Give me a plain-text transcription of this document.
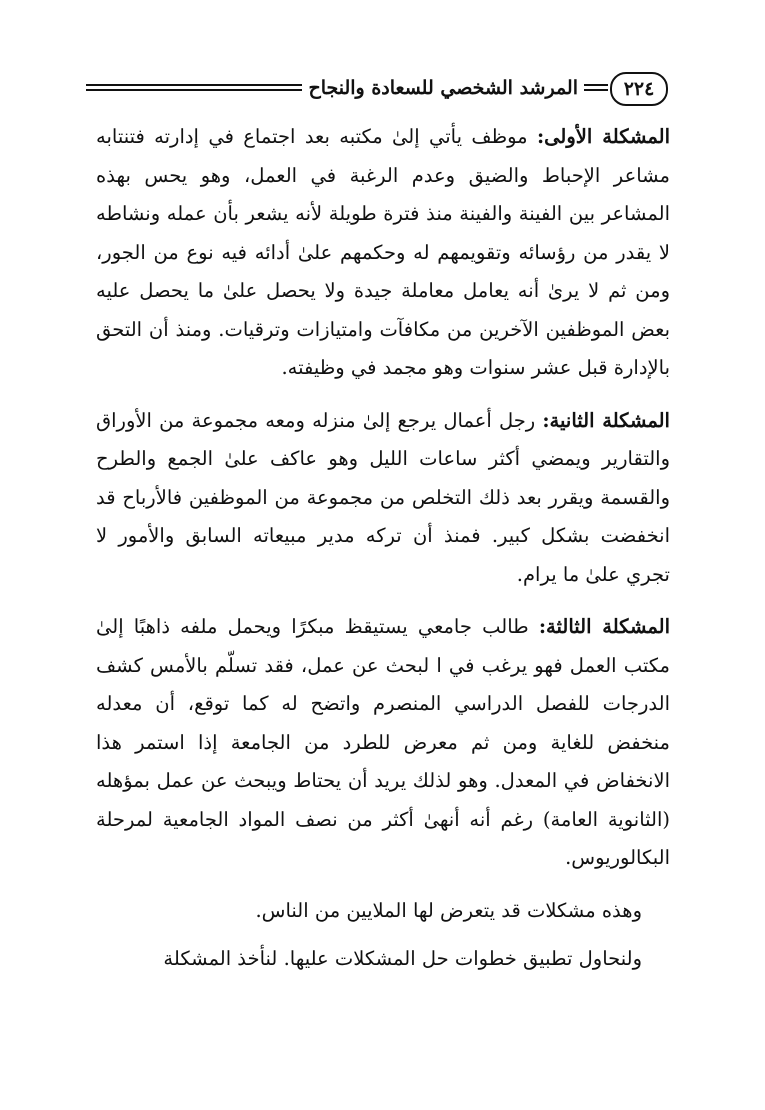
٢٢٤
المرشد الشخصي للسعادة والنجاح

المشكلة الأولى: موظف يأتي إلىٰ مكتبه بعد اجتماع في إدارته فتنتابه مشاعر الإحباط والضيق وعدم الرغبة في العمل، وهو يحس بهذه المشاعر بين الفينة والفينة منذ فترة طويلة لأنه يشعر بأن عمله ونشاطه لا يقدر من رؤسائه وتقويمهم له وحكمهم علىٰ أدائه فيه نوع من الجور، ومن ثم لا يرىٰ أنه يعامل معاملة جيدة ولا يحصل علىٰ ما يحصل عليه بعض الموظفين الآخرين من مكافآت وامتيازات وترقيات. ومنذ أن التحق بالإدارة قبل عشر سنوات وهو مجمد في وظيفته.

المشكلة الثانية: رجل أعمال يرجع إلىٰ منزله ومعه مجموعة من الأوراق والتقارير ويمضي أكثر ساعات الليل وهو عاكف علىٰ الجمع والطرح والقسمة ويقرر بعد ذلك التخلص من مجموعة من الموظفين فالأرباح قد انخفضت بشكل كبير. فمنذ أن تركه مدير مبيعاته السابق والأمور لا تجري علىٰ ما يرام.

المشكلة الثالثة: طالب جامعي يستيقظ مبكرًا ويحمل ملفه ذاهبًا إلىٰ مكتب العمل فهو يرغب في ا لبحث عن عمل، فقد تسلّم بالأمس كشف الدرجات للفصل الدراسي المنصرم واتضح له كما توقع، أن معدله منخفض للغاية ومن ثم معرض للطرد من الجامعة إذا استمر هذا الانخفاض في المعدل. وهو لذلك يريد أن يحتاط ويبحث عن عمل بمؤهله (الثانوية العامة) رغم أنه أنهىٰ أكثر من نصف المواد الجامعية لمرحلة البكالوريوس.

وهذه مشكلات قد يتعرض لها الملايين من الناس.

ولنحاول تطبيق خطوات حل المشكلات عليها. لنأخذ المشكلة
